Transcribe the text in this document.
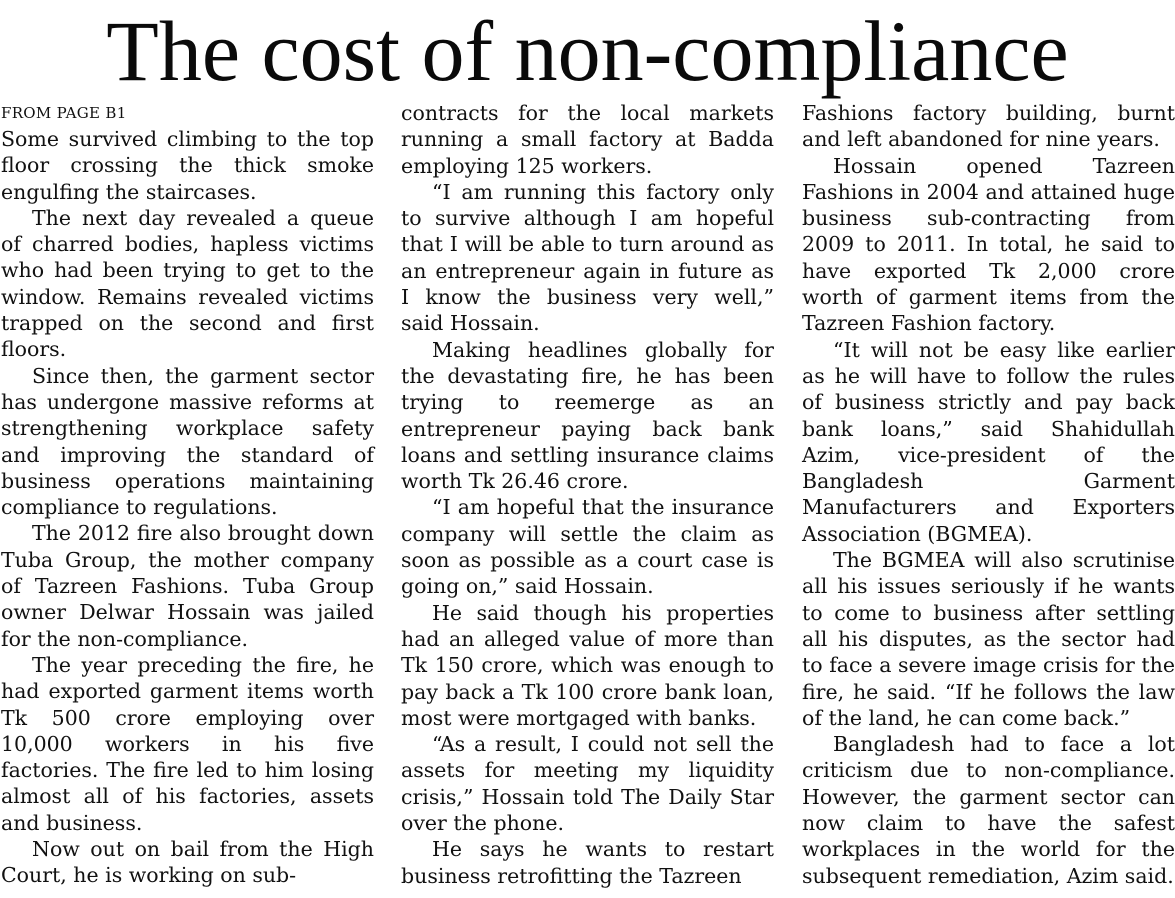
The cost of non-compliance
FROM PAGE B1

Some survived climbing to the top floor crossing the thick smoke engulfing the staircases.

The next day revealed a queue of charred bodies, hapless victims who had been trying to get to the window. Remains revealed victims trapped on the second and first floors.

Since then, the garment sector has undergone massive reforms at strengthening workplace safety and improving the standard of business operations maintaining compliance to regulations.

The 2012 fire also brought down Tuba Group, the mother company of Tazreen Fashions. Tuba Group owner Delwar Hossain was jailed for the non-compliance.

The year preceding the fire, he had exported garment items worth Tk 500 crore employing over 10,000 workers in his five factories. The fire led to him losing almost all of his factories, assets and business.

Now out on bail from the High Court, he is working on sub-

contracts for the local markets running a small factory at Badda employing 125 workers.

“I am running this factory only to survive although I am hopeful that I will be able to turn around as an entrepreneur again in future as I know the business very well,” said Hossain.

Making headlines globally for the devastating fire, he has been trying to reemerge as an entrepreneur paying back bank loans and settling insurance claims worth Tk 26.46 crore.

“I am hopeful that the insurance company will settle the claim as soon as possible as a court case is going on,” said Hossain.

He said though his properties had an alleged value of more than Tk 150 crore, which was enough to pay back a Tk 100 crore bank loan, most were mortgaged with banks.

“As a result, I could not sell the assets for meeting my liquidity crisis,” Hossain told The Daily Star over the phone.

He says he wants to restart business retrofitting the Tazreen

Fashions factory building, burnt and left abandoned for nine years.

Hossain opened Tazreen Fashions in 2004 and attained huge business sub-contracting from 2009 to 2011. In total, he said to have exported Tk 2,000 crore worth of garment items from the Tazreen Fashion factory.

“It will not be easy like earlier as he will have to follow the rules of business strictly and pay back bank loans,” said Shahidullah Azim, vice-president of the Bangladesh Garment Manufacturers and Exporters Association (BGMEA).

The BGMEA will also scrutinise all his issues seriously if he wants to come to business after settling all his disputes, as the sector had to face a severe image crisis for the fire, he said. “If he follows the law of the land, he can come back.”

Bangladesh had to face a lot criticism due to non-compliance. However, the garment sector can now claim to have the safest workplaces in the world for the subsequent remediation, Azim said.
